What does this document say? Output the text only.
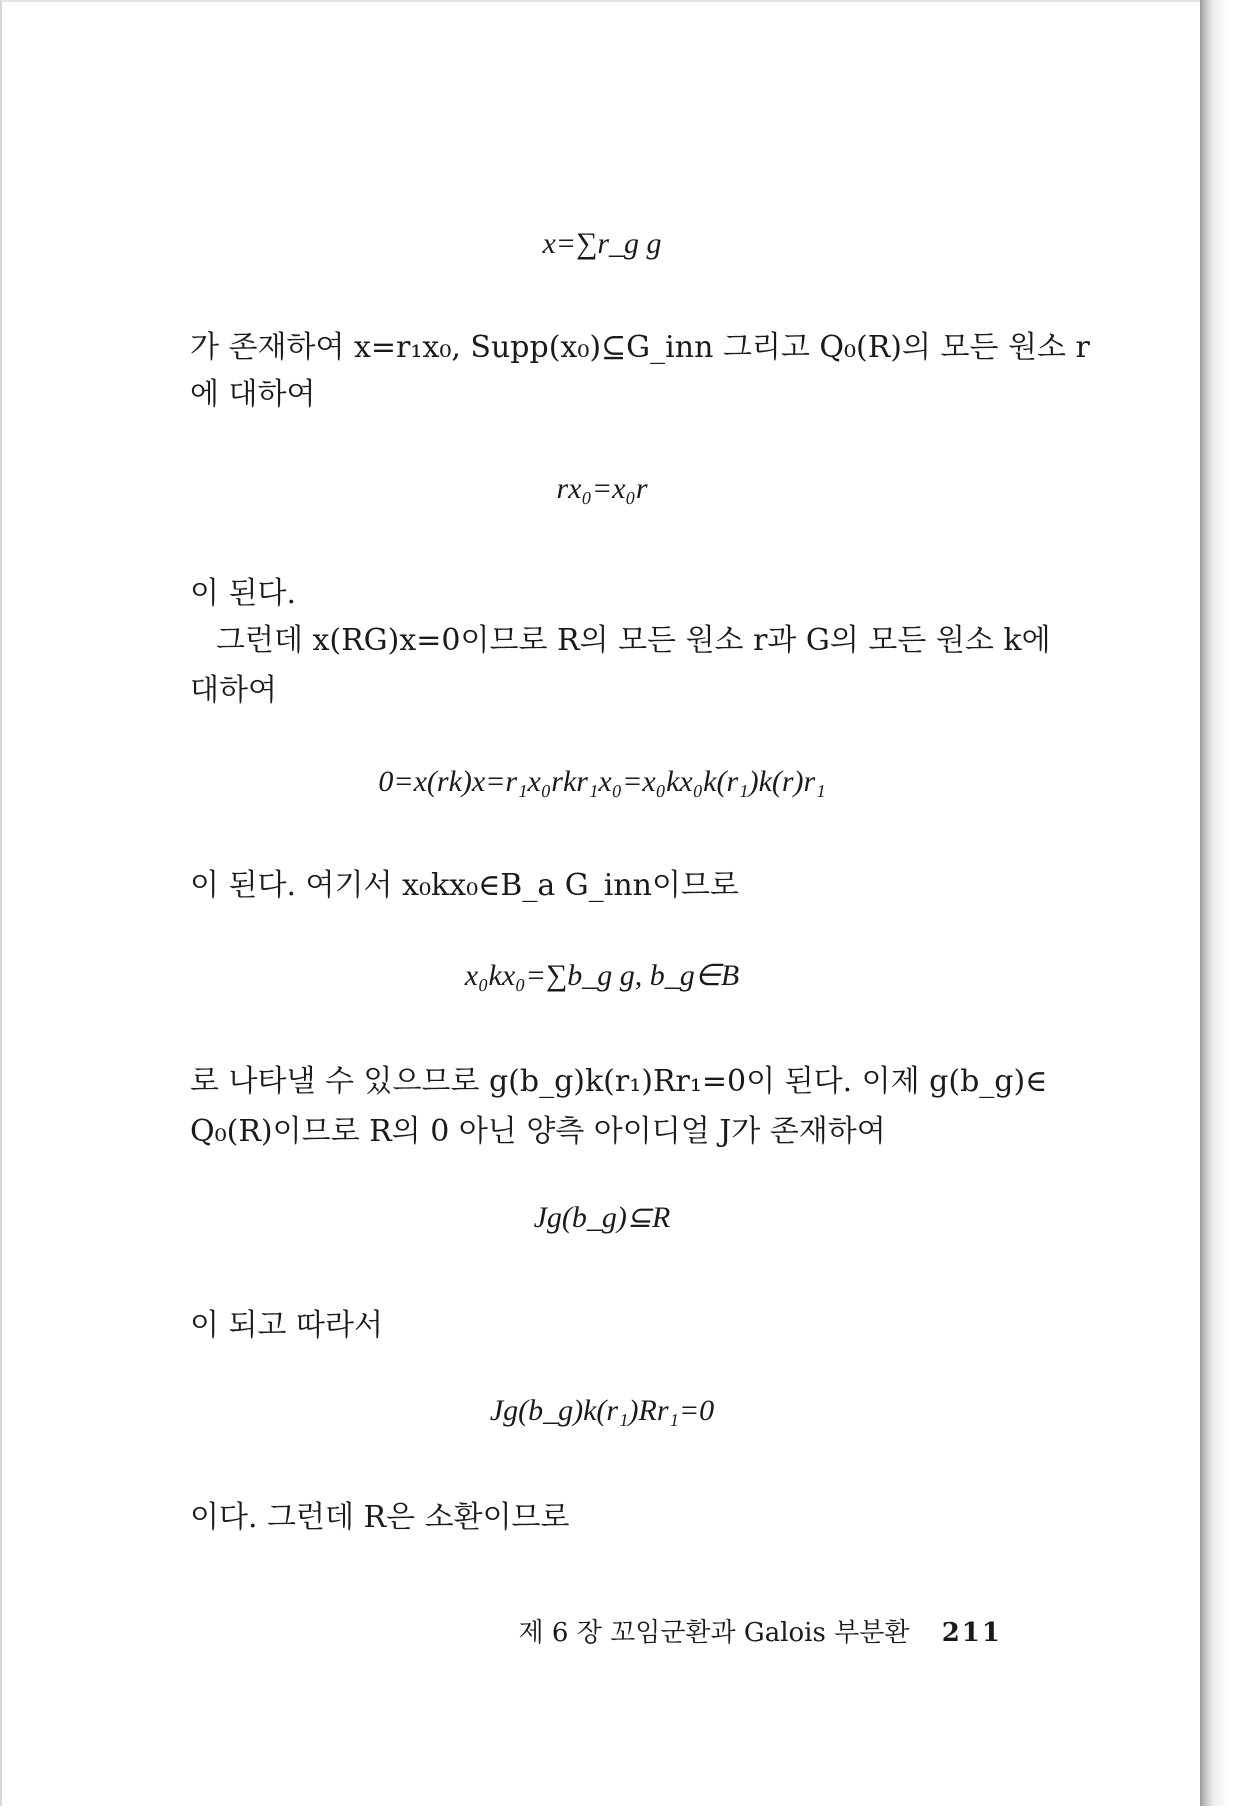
x=∑r_g g
가 존재하여 x=r₁x₀, Supp(x₀)⊆G_inn 그리고 Q₀(R)의 모든 원소 r
에 대하여
rx₀=x₀r
이 된다.
그런데 x(RG)x=0이므로 R의 모든 원소 r과 G의 모든 원소 k에
대하여
0=x(rk)x=r₁x₀rkr₁x₀=x₀kx₀k(r₁)k(r)r₁
이 된다. 여기서 x₀kx₀∈B_a G_inn이므로
x₀kx₀=∑b_g g, b_g∈B
로 나타낼 수 있으므로 g(b_g)k(r₁)Rr₁=0이 된다. 이제 g(b_g)∈
Q₀(R)이므로 R의 0 아닌 양측 아이디얼 J가 존재하여
Jg(b_g)⊆R
이 되고 따라서
Jg(b_g)k(r₁)Rr₁=0
이다. 그런데 R은 소환이므로
제 6 장 꼬임군환과 Galois 부분환 211
